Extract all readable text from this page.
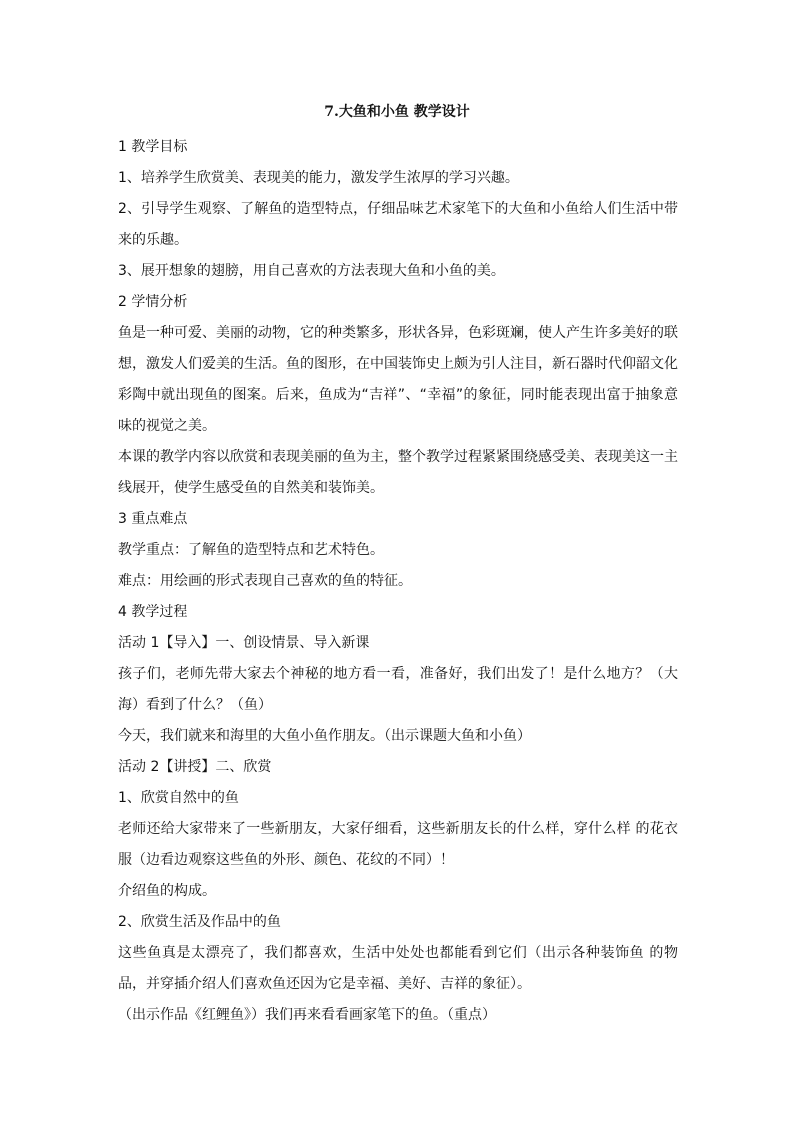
7.大鱼和小鱼 教学设计

1 教学目标

1、培养学生欣赏美、表现美的能力，激发学生浓厚的学习兴趣。

2、引导学生观察、了解鱼的造型特点，仔细品味艺术家笔下的大鱼和小鱼给人们生活中带来的乐趣。

3、展开想象的翅膀，用自己喜欢的方法表现大鱼和小鱼的美。

2 学情分析

鱼是一种可爱、美丽的动物，它的种类繁多，形状各异，色彩斑斓，使人产生许多美好的联想，激发人们爱美的生活。鱼的图形，在中国装饰史上颇为引人注目，新石器时代仰韶文化彩陶中就出现鱼的图案。后来，鱼成为“吉祥”、“幸福”的象征，同时能表现出富于抽象意味的视觉之美。

本课的教学内容以欣赏和表现美丽的鱼为主，整个教学过程紧紧围绕感受美、表现美这一主线展开，使学生感受鱼的自然美和装饰美。

3 重点难点

教学重点：了解鱼的造型特点和艺术特色。

难点：用绘画的形式表现自己喜欢的鱼的特征。

4 教学过程

活动 1【导入】一、创设情景、导入新课

孩子们，老师先带大家去个神秘的地方看一看，准备好，我们出发了！是什么地方？（大海）看到了什么？（鱼）

今天，我们就来和海里的大鱼小鱼作朋友。（出示课题大鱼和小鱼）

活动 2【讲授】二、欣赏

1、欣赏自然中的鱼

老师还给大家带来了一些新朋友，大家仔细看，这些新朋友长的什么样，穿什么样 的花衣服（边看边观察这些鱼的外形、颜色、花纹的不同）！

介绍鱼的构成。

2、欣赏生活及作品中的鱼

这些鱼真是太漂亮了，我们都喜欢，生活中处处也都能看到它们（出示各种装饰鱼 的物品，并穿插介绍人们喜欢鱼还因为它是幸福、美好、吉祥的象征）。

（出示作品《红鲤鱼》）我们再来看看画家笔下的鱼。（重点）
